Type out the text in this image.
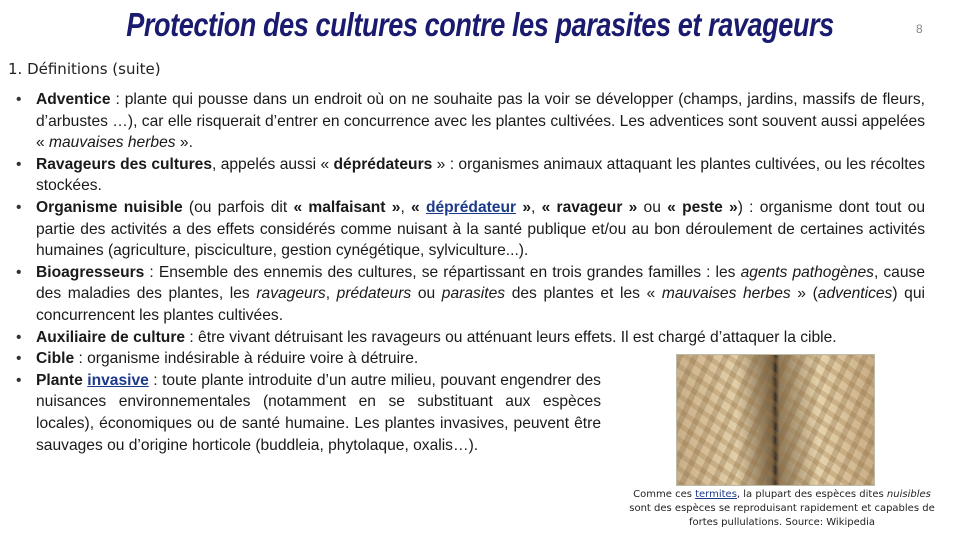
Protection des cultures contre les parasites et ravageurs	8
1. Définitions (suite)
• Adventice : plante qui pousse dans un endroit où on ne souhaite pas la voir se développer (champs, jardins, massifs de fleurs, d’arbustes …), car elle risquerait d’entrer en concurrence avec les plantes cultivées. Les adventices sont souvent aussi appelées « mauvaises herbes ».
• Ravageurs des cultures, appelés aussi « déprédateurs » : organismes animaux attaquant les plantes cultivées, ou les récoltes stockées.
• Organisme nuisible (ou parfois dit « malfaisant », « déprédateur », « ravageur » ou « peste ») : organisme dont tout ou partie des activités a des effets considérés comme nuisant à la santé publique et/ou au bon déroulement de certaines activités humaines (agriculture, pisciculture, gestion cynégétique, sylviculture...).
• Bioagresseurs : Ensemble des ennemis des cultures, se répartissant en trois grandes familles : les agents pathogènes, cause des maladies des plantes, les ravageurs, prédateurs ou parasites des plantes et les « mauvaises herbes » (adventices) qui concurrencent les plantes cultivées.
• Auxiliaire de culture : être vivant détruisant les ravageurs ou atténuant leurs effets. Il est chargé d’attaquer la cible.
• Cible : organisme indésirable à réduire voire à détruire.
• Plante invasive : toute plante introduite d’un autre milieu, pouvant engendrer des nuisances environnementales (notamment en se substituant aux espèces locales), économiques ou de santé humaine. Les plantes invasives, peuvent être sauvages ou d’origine horticole (buddleia, phytolaque, oxalis…).
Comme ces termites, la plupart des espèces dites nuisibles sont des espèces se reproduisant rapidement et capables de fortes pullulations. Source: Wikipedia
